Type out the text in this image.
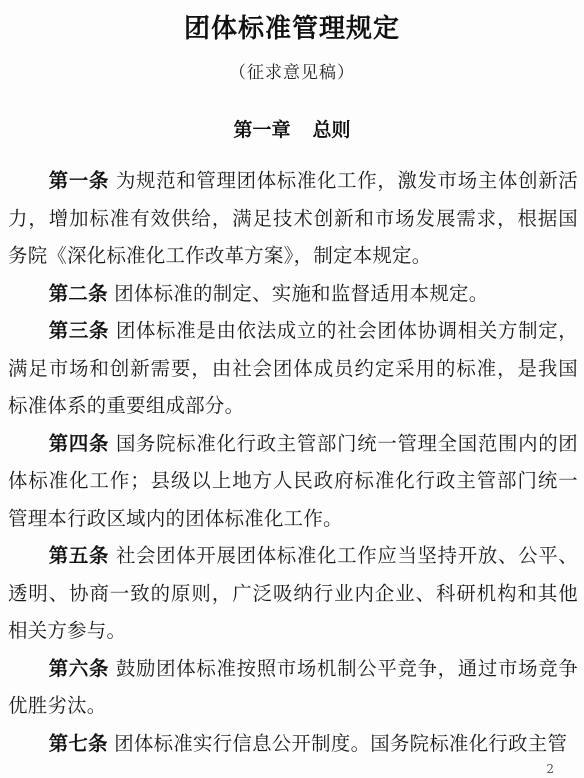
团体标准管理规定
（征求意见稿）
第一章 总则

第一条 为规范和管理团体标准化工作，激发市场主体创新活力，增加标准有效供给，满足技术创新和市场发展需求，根据国务院《深化标准化工作改革方案》，制定本规定。

第二条 团体标准的制定、实施和监督适用本规定。

第三条 团体标准是由依法成立的社会团体协调相关方制定，满足市场和创新需要，由社会团体成员约定采用的标准，是我国标准体系的重要组成部分。

第四条 国务院标准化行政主管部门统一管理全国范围内的团体标准化工作；县级以上地方人民政府标准化行政主管部门统一管理本行政区域内的团体标准化工作。

第五条 社会团体开展团体标准化工作应当坚持开放、公平、透明、协商一致的原则，广泛吸纳行业内企业、科研机构和其他相关方参与。

第六条 鼓励团体标准按照市场机制公平竞争，通过市场竞争优胜劣汰。

第七条 团体标准实行信息公开制度。国务院标准化行政主管

2
